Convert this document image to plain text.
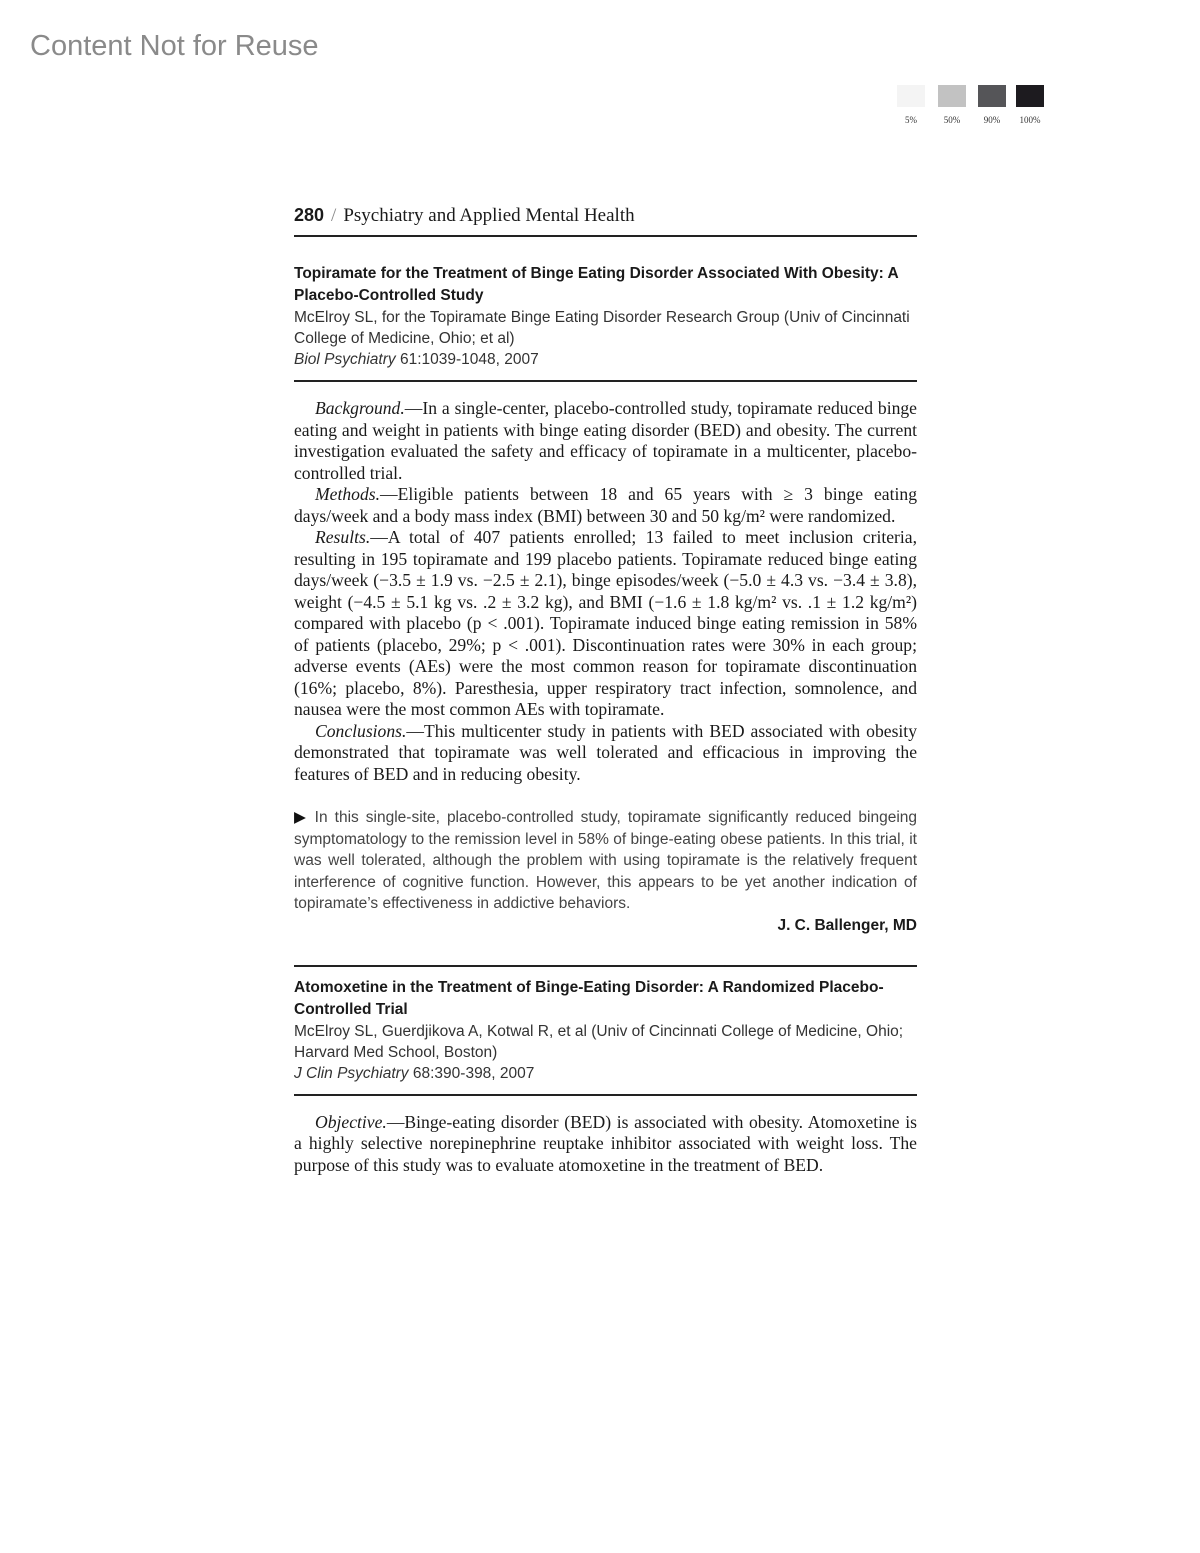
Content Not for Reuse
5%	50%	90%	100%
280 / Psychiatry and Applied Mental Health
Topiramate for the Treatment of Binge Eating Disorder Associated With Obesity: A Placebo-Controlled Study
McElroy SL, for the Topiramate Binge Eating Disorder Research Group (Univ of Cincinnati College of Medicine, Ohio; et al)
Biol Psychiatry 61:1039-1048, 2007

Background.—In a single-center, placebo-controlled study, topiramate reduced binge eating and weight in patients with binge eating disorder (BED) and obesity. The current investigation evaluated the safety and efficacy of topiramate in a multicenter, placebo-controlled trial.

Methods.—Eligible patients between 18 and 65 years with ≥ 3 binge eating days/week and a body mass index (BMI) between 30 and 50 kg/m² were randomized.

Results.—A total of 407 patients enrolled; 13 failed to meet inclusion criteria, resulting in 195 topiramate and 199 placebo patients. Topiramate reduced binge eating days/week (−3.5 ± 1.9 vs. −2.5 ± 2.1), binge episodes/week (−5.0 ± 4.3 vs. −3.4 ± 3.8), weight (−4.5 ± 5.1 kg vs. .2 ± 3.2 kg), and BMI (−1.6 ± 1.8 kg/m² vs. .1 ± 1.2 kg/m²) compared with placebo (p < .001). Topiramate induced binge eating remission in 58% of patients (placebo, 29%; p < .001). Discontinuation rates were 30% in each group; adverse events (AEs) were the most common reason for topiramate discontinuation (16%; placebo, 8%). Paresthesia, upper respiratory tract infection, somnolence, and nausea were the most common AEs with topiramate.

Conclusions.—This multicenter study in patients with BED associated with obesity demonstrated that topiramate was well tolerated and efficacious in improving the features of BED and in reducing obesity.

▶ In this single-site, placebo-controlled study, topiramate significantly reduced bingeing symptomatology to the remission level in 58% of binge-eating obese patients. In this trial, it was well tolerated, although the problem with using topiramate is the relatively frequent interference of cognitive function. However, this appears to be yet another indication of topiramate’s effectiveness in addictive behaviors.
J. C. Ballenger, MD
Atomoxetine in the Treatment of Binge-Eating Disorder: A Randomized Placebo-Controlled Trial
McElroy SL, Guerdjikova A, Kotwal R, et al (Univ of Cincinnati College of Medicine, Ohio; Harvard Med School, Boston)
J Clin Psychiatry 68:390-398, 2007

Objective.—Binge-eating disorder (BED) is associated with obesity. Atomoxetine is a highly selective norepinephrine reuptake inhibitor associated with weight loss. The purpose of this study was to evaluate atomoxetine in the treatment of BED.
